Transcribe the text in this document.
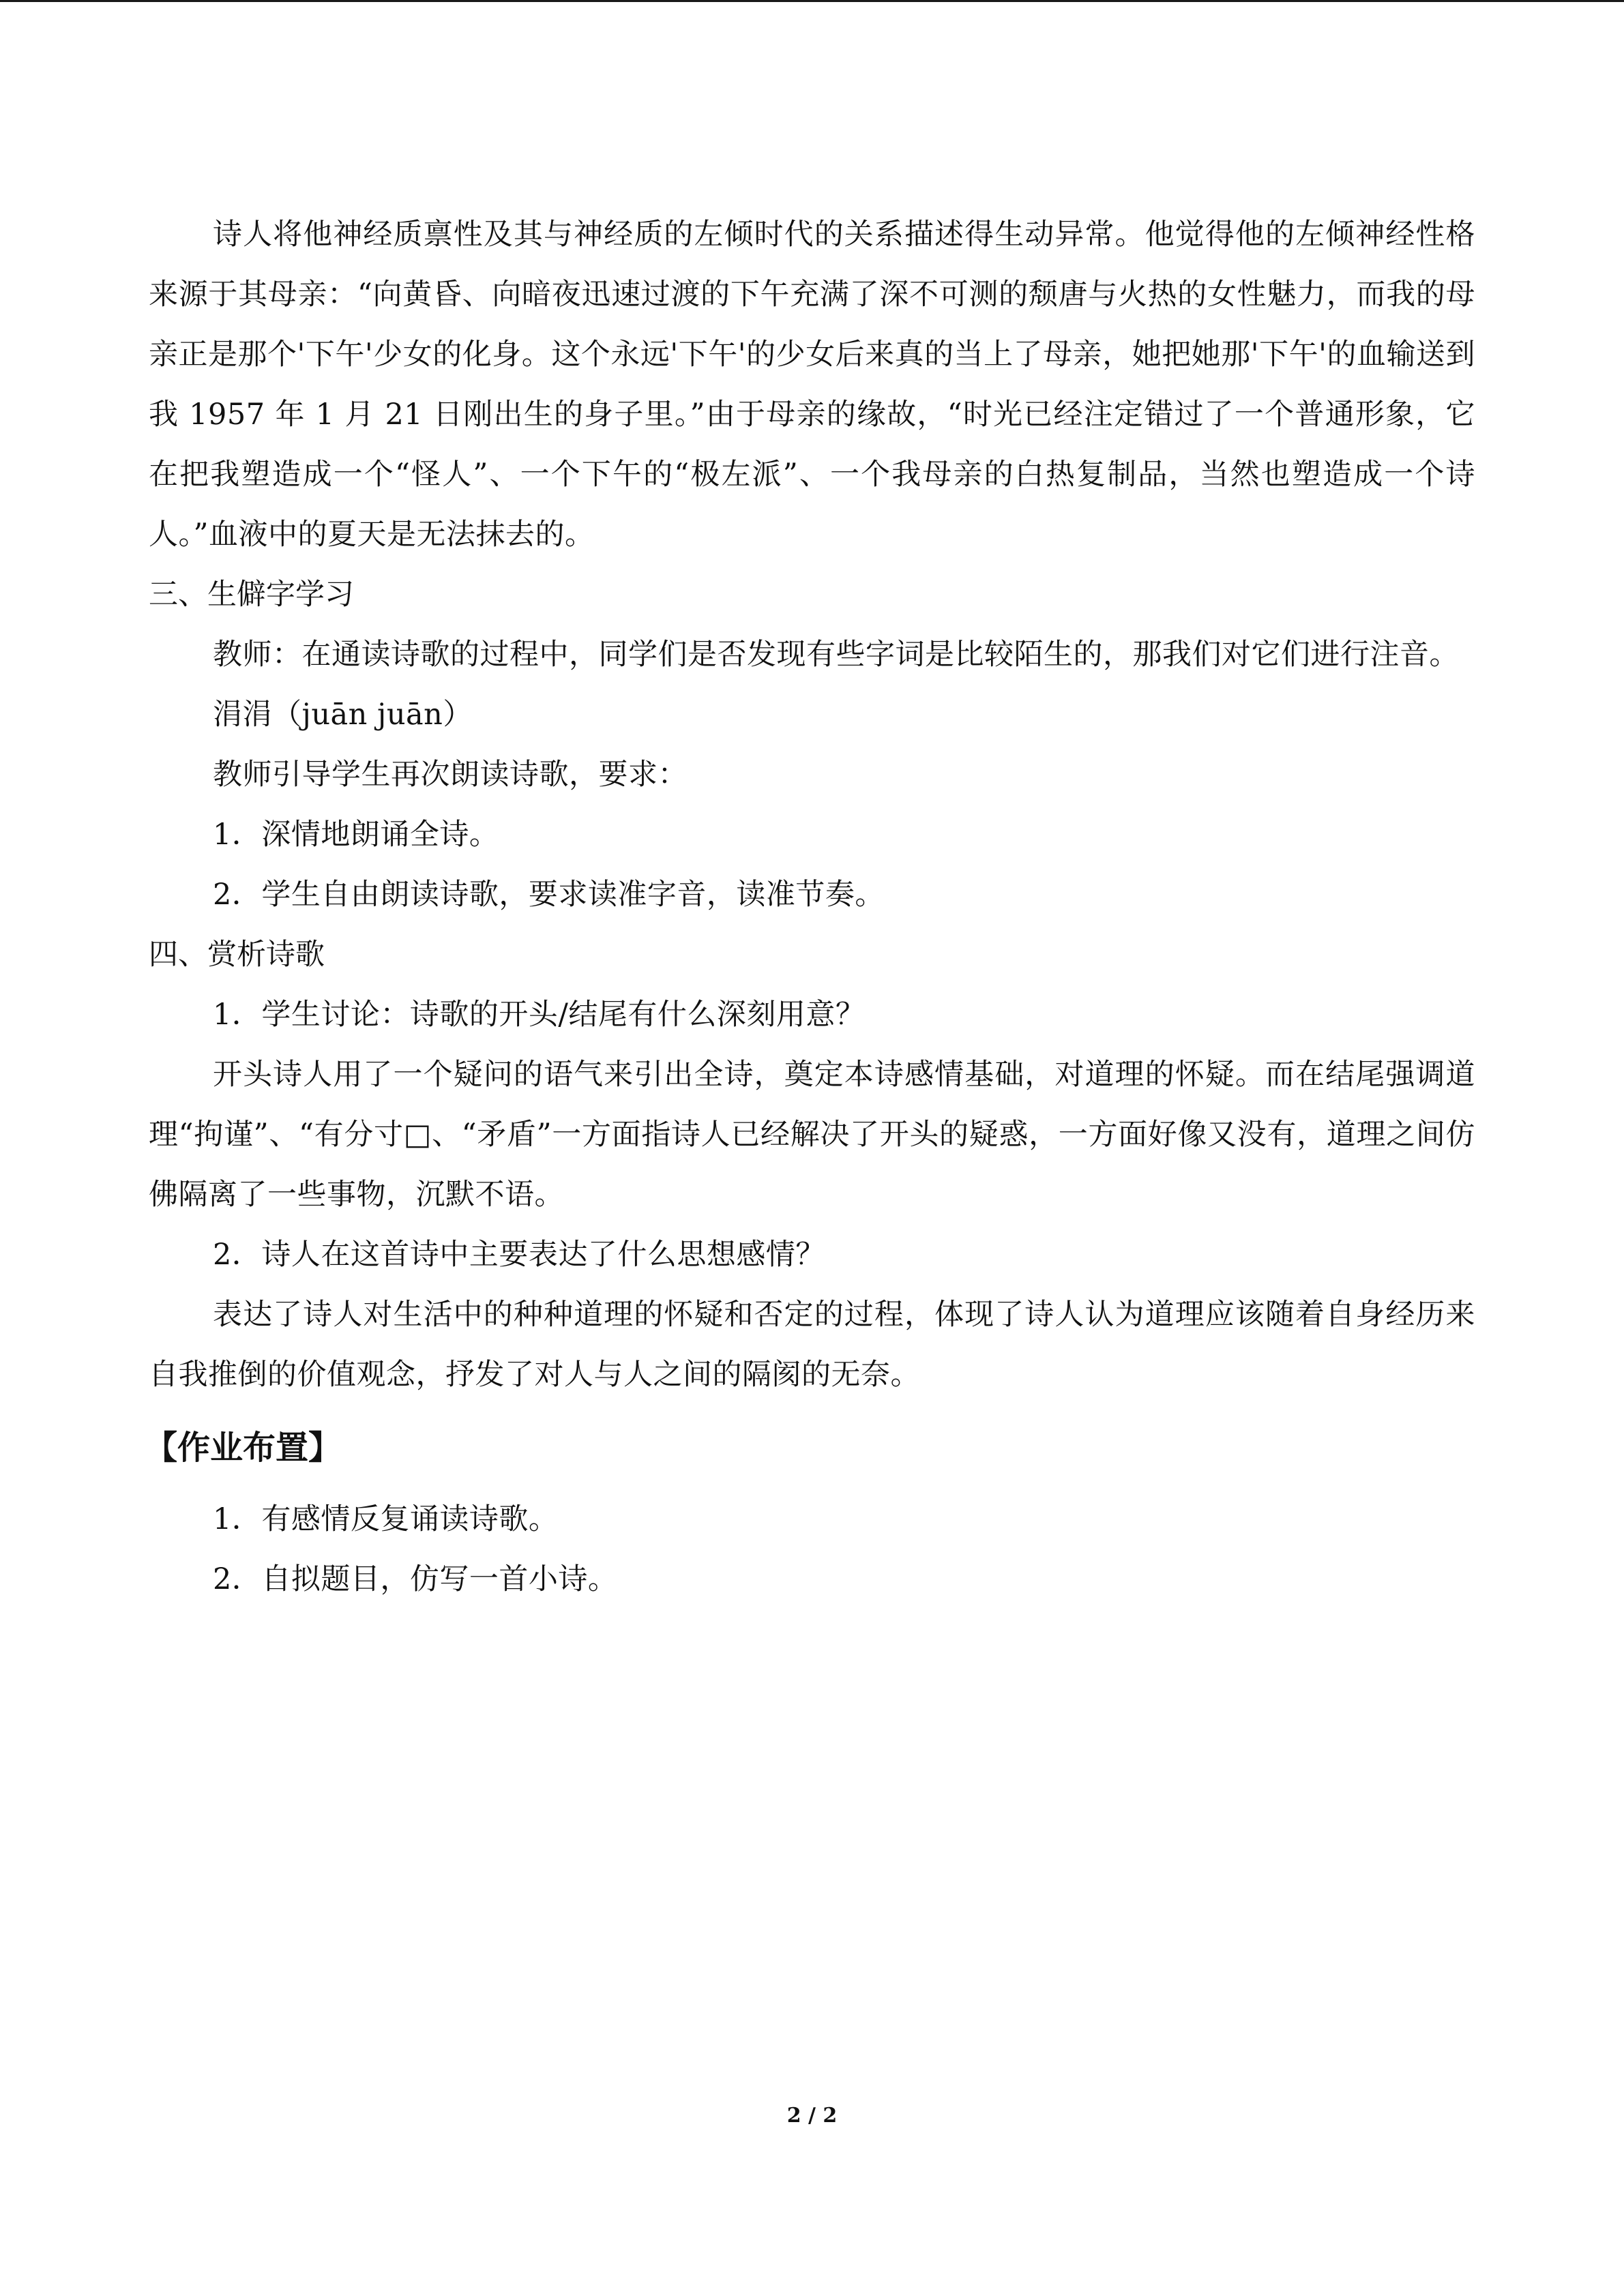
诗人将他神经质禀性及其与神经质的左倾时代的关系描述得生动异常。他觉得他的左倾神经性格来源于其母亲：“向黄昏、向暗夜迅速过渡的下午充满了深不可测的颓唐与火热的女性魅力，而我的母亲正是那个'下午'少女的化身。这个永远'下午'的少女后来真的当上了母亲，她把她那'下午'的血输送到我 1957 年 1 月 21 日刚出生的身子里。”由于母亲的缘故，“时光已经注定错过了一个普通形象，它在把我塑造成一个“怪人”、一个下午的“极左派”、一个我母亲的白热复制品，当然也塑造成一个诗人。”血液中的夏天是无法抹去的。

三、生僻字学习

教师：在通读诗歌的过程中，同学们是否发现有些字词是比较陌生的，那我们对它们进行注音。

涓涓（juān juān）

教师引导学生再次朗读诗歌，要求：

1．深情地朗诵全诗。

2．学生自由朗读诗歌，要求读准字音，读准节奏。

四、赏析诗歌

1．学生讨论：诗歌的开头/结尾有什么深刻用意？

开头诗人用了一个疑问的语气来引出全诗，奠定本诗感情基础，对道理的怀疑。而在结尾强调道理“拘谨”、“有分寸□、“矛盾”一方面指诗人已经解决了开头的疑惑，一方面好像又没有，道理之间仿佛隔离了一些事物，沉默不语。

2．诗人在这首诗中主要表达了什么思想感情？

表达了诗人对生活中的种种道理的怀疑和否定的过程，体现了诗人认为道理应该随着自身经历来自我推倒的价值观念，抒发了对人与人之间的隔阂的无奈。

【作业布置】

1．有感情反复诵读诗歌。

2．自拟题目，仿写一首小诗。

2 / 2
